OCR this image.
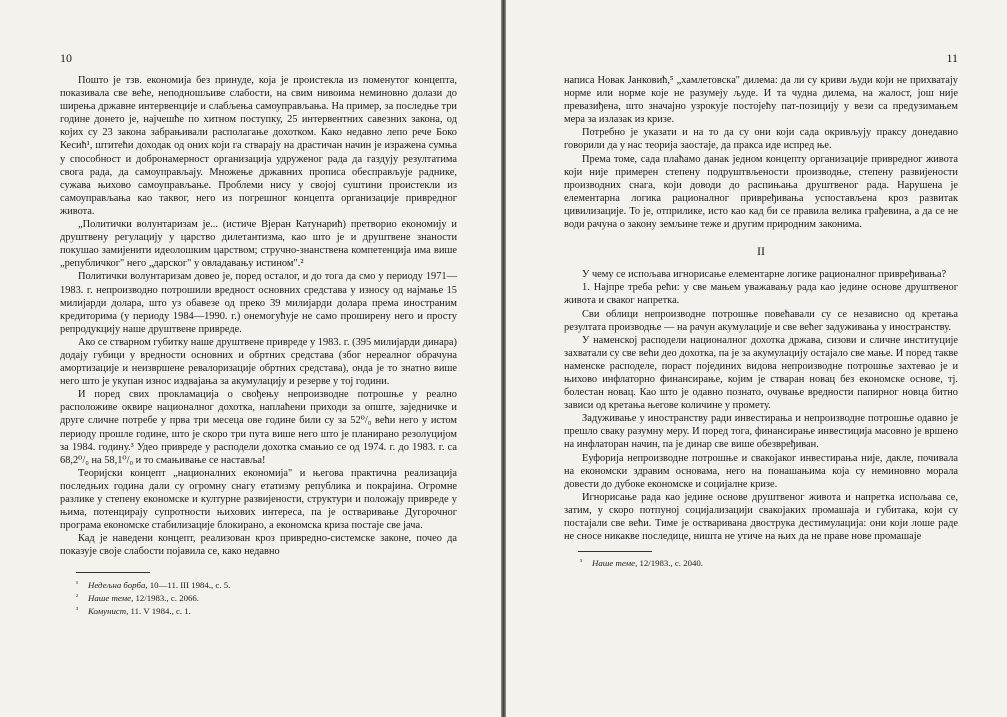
10

Пошто је тзв. економија без принуде, која је проистекла из поменутог концепта, показивала све веће, неподношљиве слабости, на свим нивоима неминовно долази до ширења државне интервенције и слабљења самоуправљања. На пример, за последње три године донето је, најчешће по хитном поступку, 25 интервентних савезних закона, од којих су 23 закона забрањивали располагање дохотком. Како недавно лепо рече Боко Кесић¹, штитећи доходак од оних који га стварају на драстичан начин је изражена сумња у способност и добронамерност организација удруженог рада да газдују резултатима свога рада, да самоуправљају. Множење државних прописа обесправљује раднике, сужава њихово самоуправљање. Проблеми нису у својој суштини проистекли из самоуправљања као таквог, него из погрешног концепта организације привредног живота.

„Политички волунтаризам је... (истиче Вјеран Катунарић) претворио економију и друштвену регулацију у царство дилетантизма, као што је и друштвене знаности покушао замијенити идеолошким царством; стручно-знанствена компетенција има више „републичког" него „дарског" у овладавању истином".²

Политички волунтаризам довео је, поред осталог, и до тога да смо у периоду 1971—1983. г. непроизводно потрошили вредност основних средстава у износу од најмање 15 милијарди долара, што уз обавезе од преко 39 милијарди долара према иностраним кредиторима (у периоду 1984—1990. г.) онемогућује не само проширену него и просту репродукцију наше друштвене привреде.

Ако се стварном губитку наше друштвене привреде у 1983. г. (395 милијарди динара) додају губици у вредности основних и обртних средстава (због нереалног обрачуна амортизације и неизвршене ревалоризације обртних средстава), онда је то знатно више него што је укупан износ издвајања за акумулацију и резерве у тој години.

И поред свих прокламација о свођењу непроизводне потрошње у реално расположиве оквире националног дохотка, наплаћени приходи за опште, заједничке и друге сличне потребе у прва три месеца ове године били су за 52⁰/₀ већи него у истом периоду прошле године, што је скоро три пута више него што је планирано резолуцијом за 1984. годину.³ Удео привреде у расподели дохотка смањио се од 1974. г. до 1983. г. са 68,2⁰/₀ на 58,1⁰/₀ и то смањивање се наставља!

Теоријски концепт „националних економија" и његова практична реализација последњих година дали су огромну снагу етатизму република и покрајина. Огромне разлике у степену економске и културне развијености, структури и положају привреде у њима, потенцирају супротности њихових интереса, па је остваривање Дугорочног програма економске стабилизације блокирано, а економска криза постаје све јача.

Кад је наведени концепт, реализован кроз привредно-системске законе, почео да показује своје слабости појавила се, како недавно

¹ Недељна борба, 10—11. III 1984., с. 5.

² Наше теме, 12/1983., с. 2066.

³ Комунист, 11. V 1984., с. 1.

11

написа Новак Јанковић,⁵ „хамлетовска" дилема: да ли су криви људи који не прихватају норме или норме које не разумеју људе. И та чудна дилема, на жалост, још није превазиђена, што значајно узрокује постојећу пат-позицију у вези са предузимањем мера за излазак из кризе.

Потребно је указати и на то да су они који сада окривљују праксу донедавно говорили да у нас теорија заостаје, да пракса иде испред ње.

Према томе, сада плаћамо данак једном концепту организације привредног живота који није примерен степену подруштвљености производње, степену развијености производних снага, који доводи до распињања друштвеног рада. Нарушена је елементарна логика рационалног привређивања успостављена кроз развитак цивилизације. То је, отприлике, исто као кад би се правила велика грађевина, а да се не води рачуна о закону земљине теже и другим природним законима.

II

У чему се испољава игнорисање елементарне логике рационалног привређивања?

1. Најпре треба рећи: у све мањем уважавању рада као једине основе друштвеног живота и сваког напретка.

Сви облици непроизводне потрошње повећавали су се независно од кретања резултата производње — на рачун акумулације и све већег задуживања у иностранству.

У наменској расподели националног дохотка држава, сизови и сличне институције захватали су све већи део дохотка, па је за акумулацију остајало све мање. И поред такве наменске расподеле, пораст појединих видова непроизводне потрошње захтевао је и њихово инфлаторно финансирање, којим је стваран новац без економске основе, тј. болестан новац. Као што је одавно познато, очување вредности папирног новца битно зависи од кретања његове количине у промету.

Задуживање у иностранству ради инвестирања и непроизводне потрошње одавно је прешло сваку разумну меру. И поред тога, финансирање инвестиција масовно је вршено на инфлаторан начин, па је динар све више обезвређиван.

Еуфорија непроизводне потрошње и свакојаког инвестирања није, дакле, почивала на економски здравим основама, него на понашањима која су неминовно морала довести до дубоке економске и социјалне кризе.

Игнорисање рада као једине основе друштвеног живота и напретка испољава се, затим, у скоро потпуној социјализацији свакојаких промашаја и губитака, који су постајали све већи. Тиме је остваривана двострука дестимулација: они који лоше раде не сносе никакве последице, ништа не утиче на њих да не праве нове промашаје

⁵ Наше теме, 12/1983., с. 2040.
